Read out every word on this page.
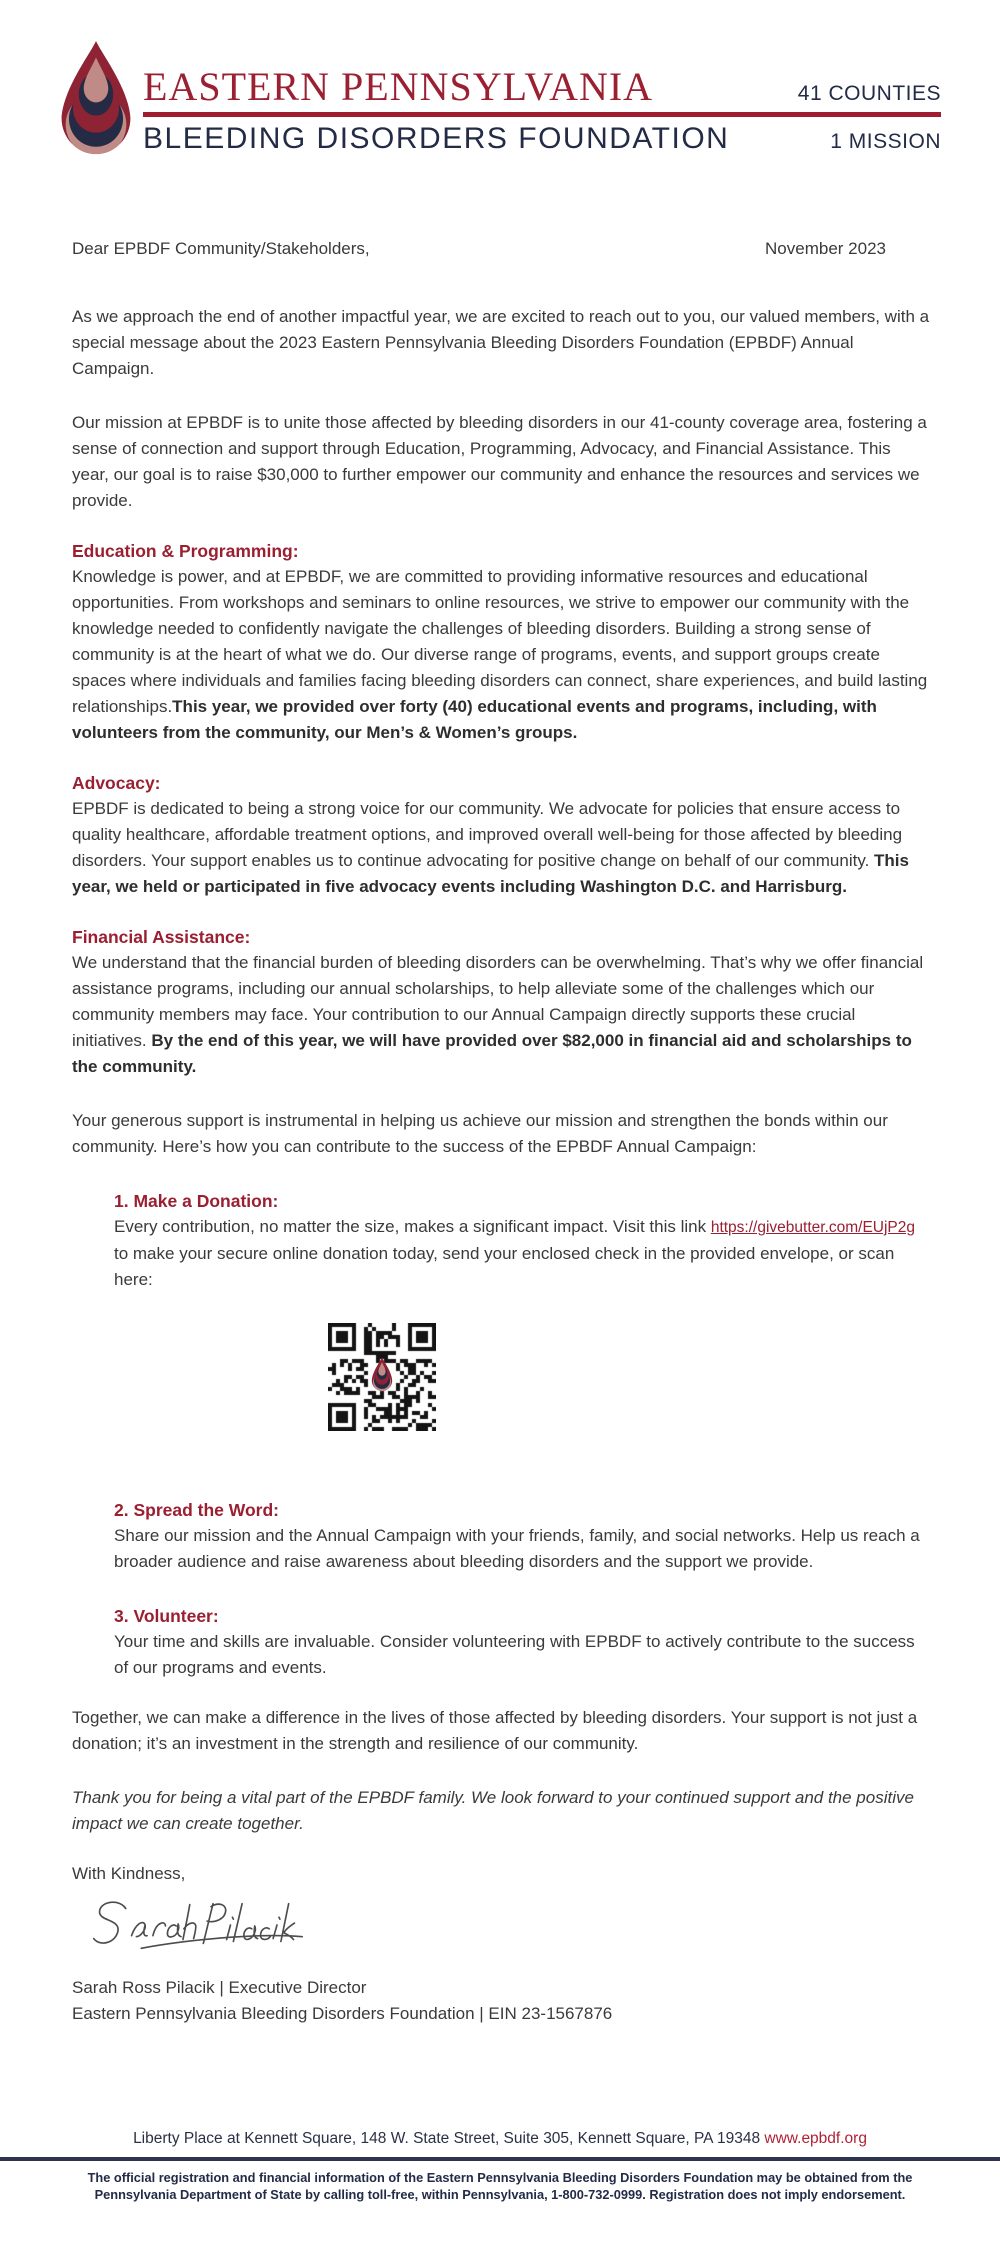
EASTERN PENNSYLVANIA	41 COUNTIES
BLEEDING DISORDERS FOUNDATION	1 MISSION
Dear EPBDF Community/Stakeholders,	November 2023

As we approach the end of another impactful year, we are excited to reach out to you, our valued members, with a special message about the 2023 Eastern Pennsylvania Bleeding Disorders Foundation (EPBDF) Annual Campaign.

Our mission at EPBDF is to unite those affected by bleeding disorders in our 41-county coverage area, fostering a sense of connection and support through Education, Programming, Advocacy, and Financial Assistance. This year, our goal is to raise $30,000 to further empower our community and enhance the resources and services we provide.

Education & Programming:

Knowledge is power, and at EPBDF, we are committed to providing informative resources and educational opportunities. From workshops and seminars to online resources, we strive to empower our community with the knowledge needed to confidently navigate the challenges of bleeding disorders. Building a strong sense of community is at the heart of what we do. Our diverse range of programs, events, and support groups create spaces where individuals and families facing bleeding disorders can connect, share experiences, and build lasting relationships.This year, we provided over forty (40) educational events and programs, including, with volunteers from the community, our Men’s & Women’s groups.

Advocacy:

EPBDF is dedicated to being a strong voice for our community. We advocate for policies that ensure access to quality healthcare, affordable treatment options, and improved overall well-being for those affected by bleeding disorders. Your support enables us to continue advocating for positive change on behalf of our community. This year, we held or participated in five advocacy events including Washington D.C. and Harrisburg.

Financial Assistance:

We understand that the financial burden of bleeding disorders can be overwhelming. That’s why we offer financial assistance programs, including our annual scholarships, to help alleviate some of the challenges which our community members may face. Your contribution to our Annual Campaign directly supports these crucial initiatives. By the end of this year, we will have provided over $82,000 in financial aid and scholarships to the community.

Your generous support is instrumental in helping us achieve our mission and strengthen the bonds within our community. Here’s how you can contribute to the success of the EPBDF Annual Campaign:

1. Make a Donation:

Every contribution, no matter the size, makes a significant impact. Visit this link https://givebutter.com/EUjP2g to make your secure online donation today, send your enclosed check in the provided envelope, or scan here:

2. Spread the Word:

Share our mission and the Annual Campaign with your friends, family, and social networks. Help us reach a broader audience and raise awareness about bleeding disorders and the support we provide.

3. Volunteer:

Your time and skills are invaluable. Consider volunteering with EPBDF to actively contribute to the success of our programs and events.

Together, we can make a difference in the lives of those affected by bleeding disorders. Your support is not just a donation; it’s an investment in the strength and resilience of our community.

Thank you for being a vital part of the EPBDF family. We look forward to your continued support and the positive impact we can create together.

With Kindness,

Sarah Ross Pilacik | Executive Director
Eastern Pennsylvania Bleeding Disorders Foundation | EIN 23-1567876
Liberty Place at Kennett Square, 148 W. State Street, Suite 305, Kennett Square, PA 19348 www.epbdf.org
The official registration and financial information of the Eastern Pennsylvania Bleeding Disorders Foundation may be obtained from the
Pennsylvania Department of State by calling toll-free, within Pennsylvania, 1-800-732-0999. Registration does not imply endorsement.
